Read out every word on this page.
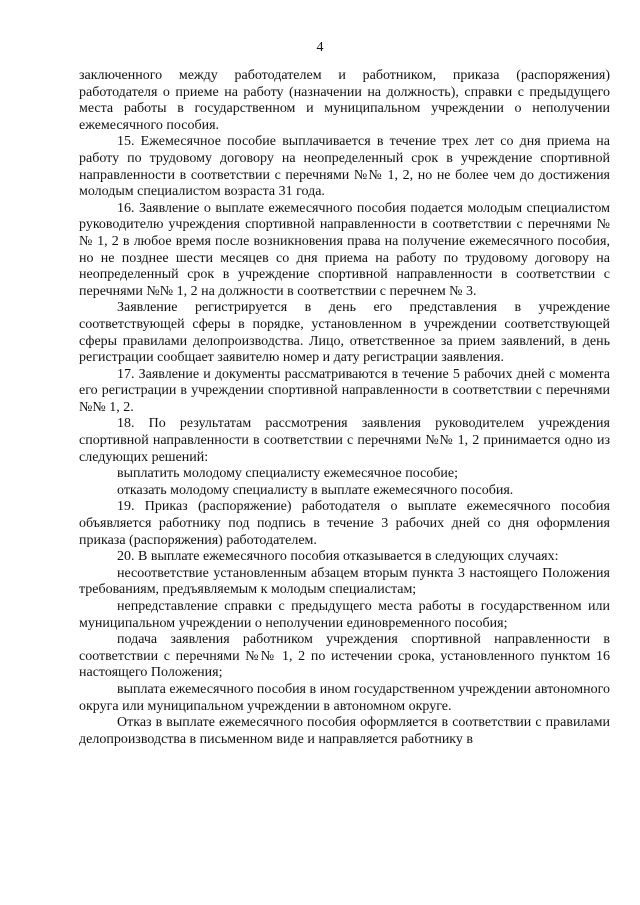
4

заключенного между работодателем и работником, приказа (распоряжения) работодателя о приеме на работу (назначении на должность), справки с предыдущего места работы в государственном и муниципальном учреждении о неполучении ежемесячного пособия.

15. Ежемесячное пособие выплачивается в течение трех лет со дня приема на работу по трудовому договору на неопределенный срок в учреждение спортивной направленности в соответствии с перечнями №№ 1, 2, но не более чем до достижения молодым специалистом возраста 31 года.

16. Заявление о выплате ежемесячного пособия подается молодым специалистом руководителю учреждения спортивной направленности в соответствии с перечнями №№ 1, 2 в любое время после возникновения права на получение ежемесячного пособия, но не позднее шести месяцев со дня приема на работу по трудовому договору на неопределенный срок в учреждение спортивной направленности в соответствии с перечнями №№ 1, 2 на должности в соответствии с перечнем № 3.

Заявление регистрируется в день его представления в учреждение соответствующей сферы в порядке, установленном в учреждении соответствующей сферы правилами делопроизводства. Лицо, ответственное за прием заявлений, в день регистрации сообщает заявителю номер и дату регистрации заявления.

17. Заявление и документы рассматриваются в течение 5 рабочих дней с момента его регистрации в учреждении спортивной направленности в соответствии с перечнями №№ 1, 2.

18. По результатам рассмотрения заявления руководителем учреждения спортивной направленности в соответствии с перечнями №№ 1, 2 принимается одно из следующих решений:

выплатить молодому специалисту ежемесячное пособие;

отказать молодому специалисту в выплате ежемесячного пособия.

19. Приказ (распоряжение) работодателя о выплате ежемесячного пособия объявляется работнику под подпись в течение 3 рабочих дней со дня оформления приказа (распоряжения) работодателем.

20. В выплате ежемесячного пособия отказывается в следующих случаях:

несоответствие установленным абзацем вторым пункта 3 настоящего Положения требованиям, предъявляемым к молодым специалистам;

непредставление справки с предыдущего места работы в государственном или муниципальном учреждении о неполучении единовременного пособия;

подача заявления работником учреждения спортивной направленности в соответствии с перечнями №№ 1, 2 по истечении срока, установленного пунктом 16 настоящего Положения;

выплата ежемесячного пособия в ином государственном учреждении автономного округа или муниципальном учреждении в автономном округе.

Отказ в выплате ежемесячного пособия оформляется в соответствии с правилами делопроизводства в письменном виде и направляется работнику в
